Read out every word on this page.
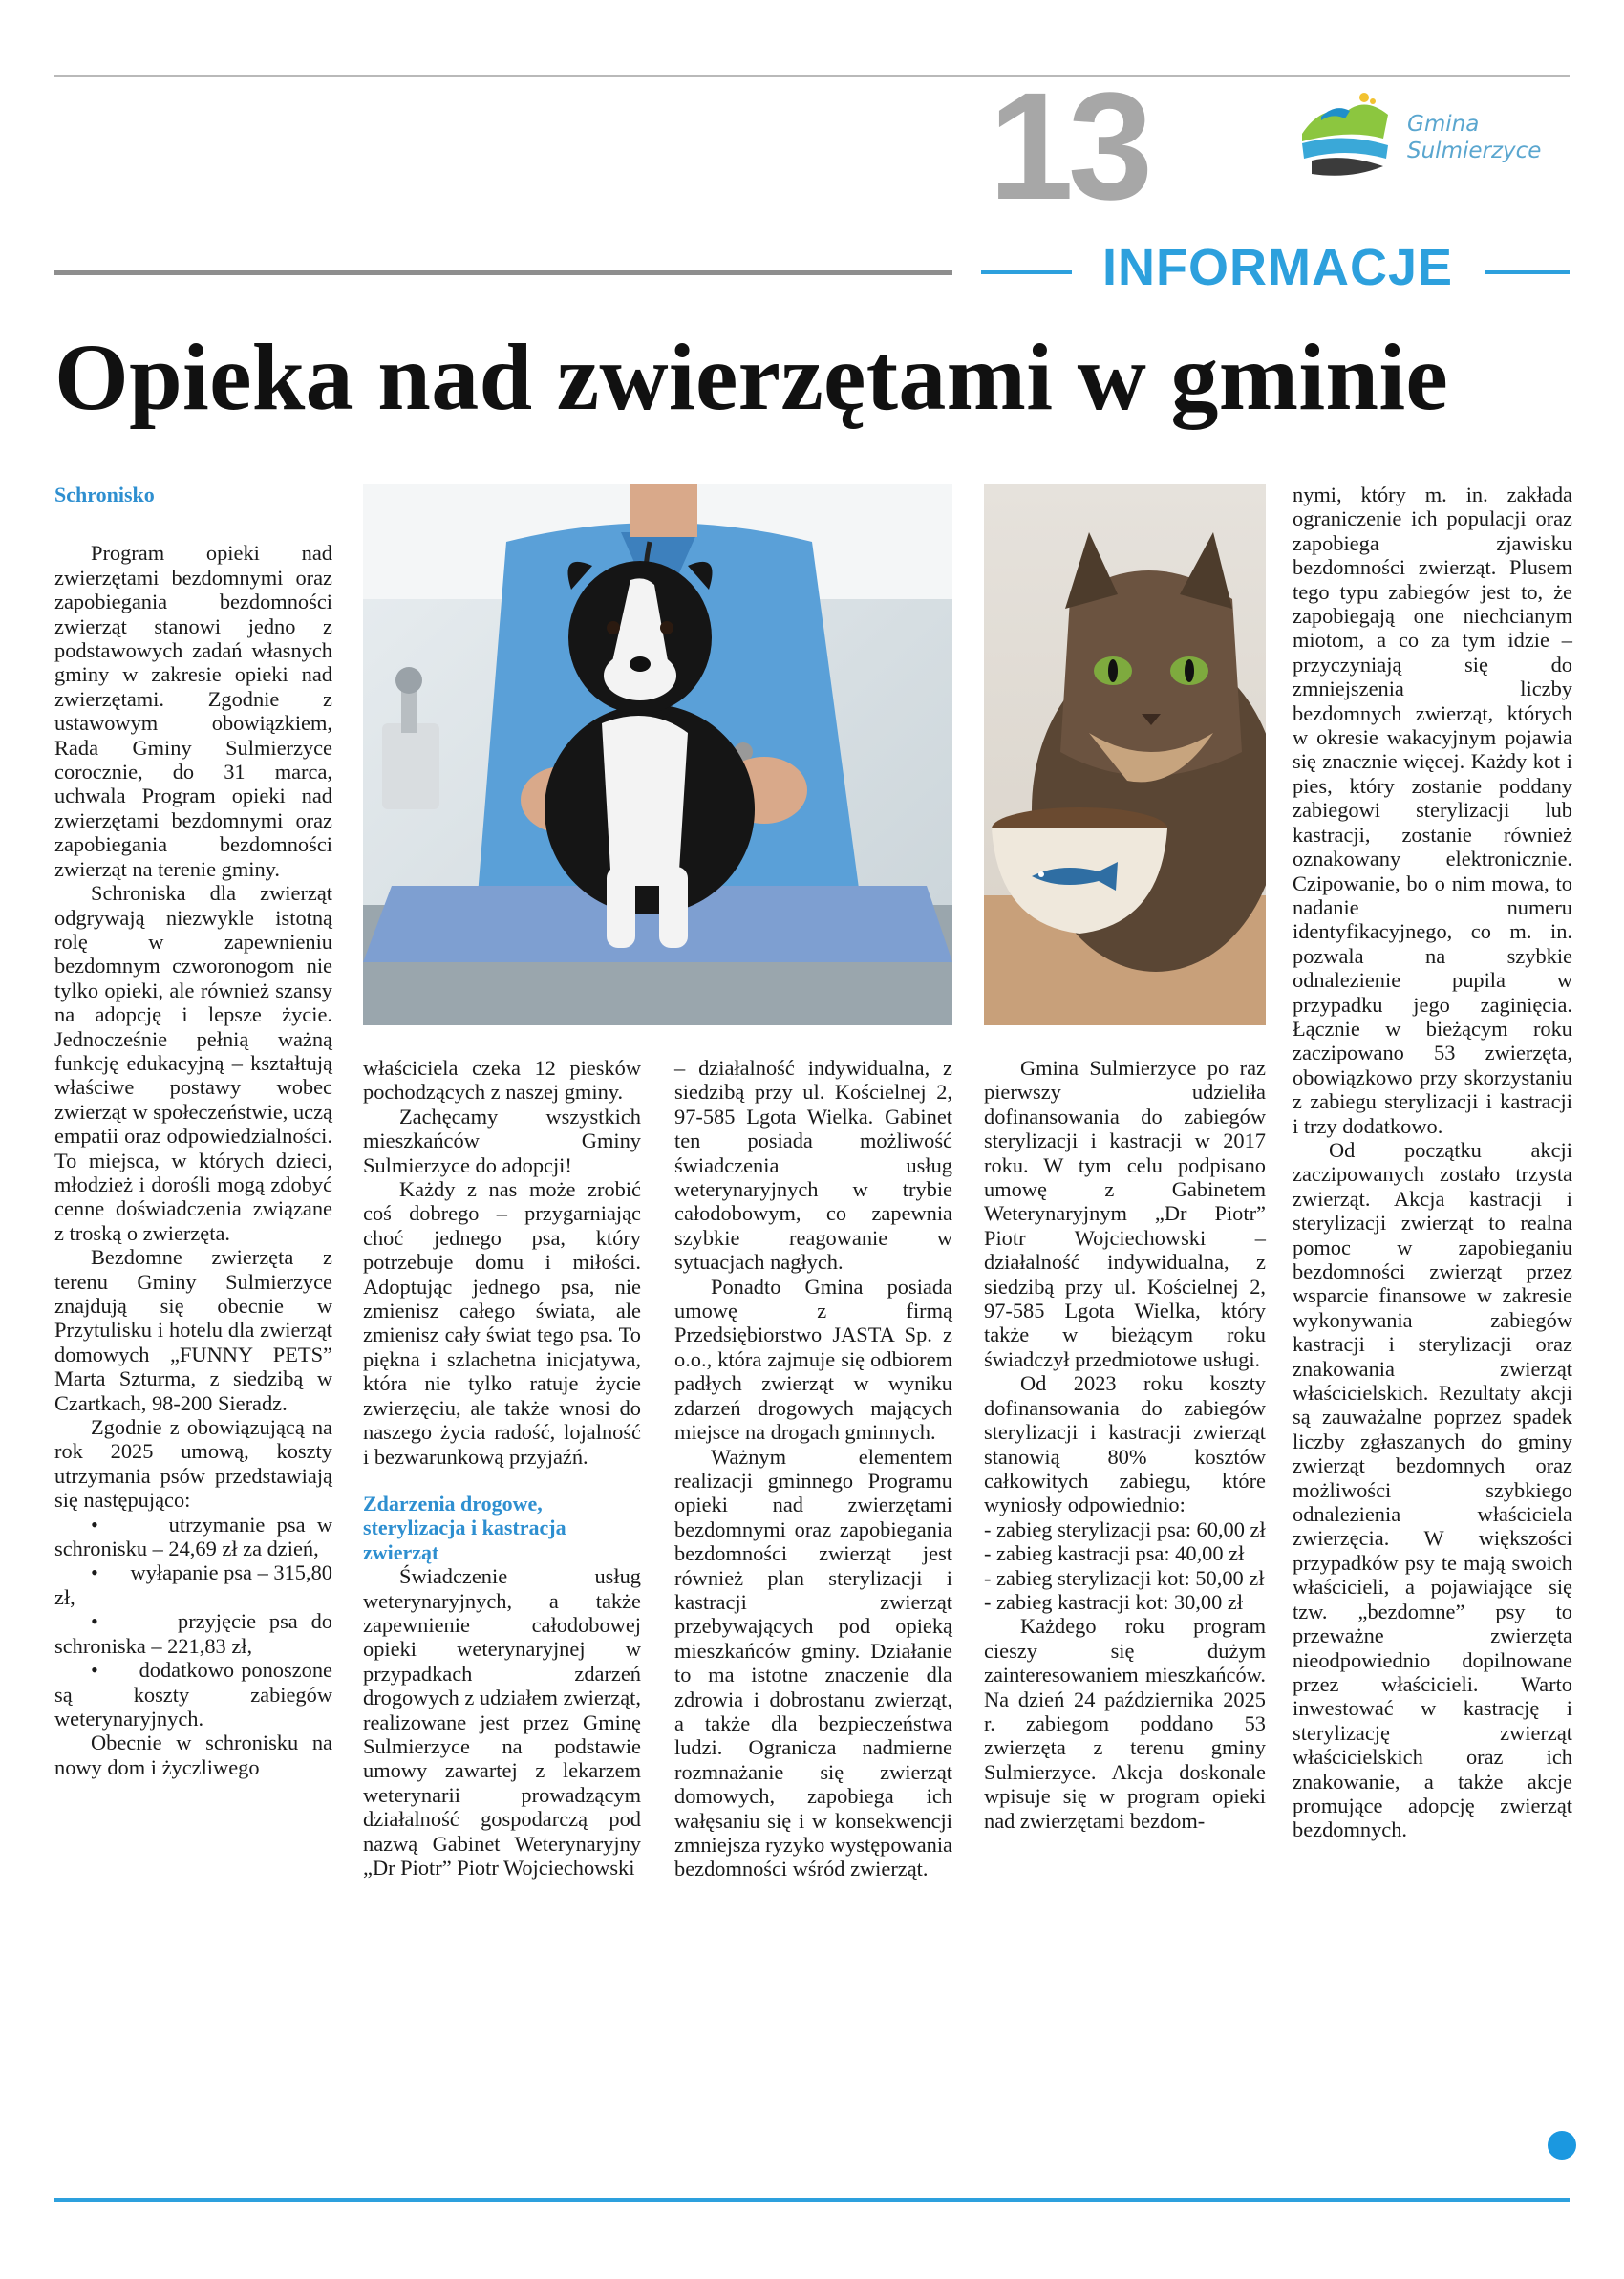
13	Gmina
Sulmierzyce
INFORMACJE
Opieka nad zwierzętami w gminie

Schronisko

Program opieki nad zwierzętami bezdomnymi oraz zapobiegania bezdomności zwierząt stanowi jedno z podstawowych zadań własnych gminy w zakresie opieki nad zwierzętami. Zgodnie z ustawowym obowiązkiem, Rada Gminy Sulmierzyce corocznie, do 31 marca, uchwala Program opieki nad zwierzętami bezdomnymi oraz zapobiegania bezdomności zwierząt na terenie gminy.

Schroniska dla zwierząt odgrywają niezwykle istotną rolę w zapewnieniu bezdomnym czworonogom nie tylko opieki, ale również szansy na adopcję i lepsze życie. Jednocześnie pełnią ważną funkcję edukacyjną – kształtują właściwe postawy wobec zwierząt w społeczeństwie, uczą empatii oraz odpowiedzialności. To miejsca, w których dzieci, młodzież i dorośli mogą zdobyć cenne doświadczenia związane z troską o zwierzęta.

Bezdomne zwierzęta z terenu Gminy Sulmierzyce znajdują się obecnie w Przytulisku i hotelu dla zwierząt domowych „FUNNY PETS” Marta Szturma, z siedzibą w Czartkach, 98-200 Sieradz.

Zgodnie z obowiązującą na rok 2025 umową, koszty utrzymania psów przedstawiają się następująco:

•      utrzymanie psa w schronisku – 24,69 zł za dzień,

•      wyłapanie psa – 315,80 zł,

•      przyjęcie psa do schroniska – 221,83 zł,

•      dodatkowo ponoszone są koszty zabiegów weterynaryjnych.

Obecnie w schronisku na nowy dom i życzliwego

właściciela czeka 12 piesków pochodzących z naszej gminy.

Zachęcamy wszystkich mieszkańców Gminy Sulmierzyce do adopcji!

Każdy z nas może zrobić coś dobrego – przygarniając choć jednego psa, który potrzebuje domu i miłości. Adoptując jednego psa, nie zmienisz całego świata, ale zmienisz cały świat tego psa. To piękna i szlachetna inicjatywa, która nie tylko ratuje życie zwierzęciu, ale także wnosi do naszego życia radość, lojalność i bezwarunkową przyjaźń.

Zdarzenia drogowe, sterylizacja i kastracja zwierząt

Świadczenie usług weterynaryjnych, a także zapewnienie całodobowej opieki weterynaryjnej w przypadkach zdarzeń drogowych z udziałem zwierząt, realizowane jest przez Gminę Sulmierzyce na podstawie umowy zawartej z lekarzem weterynarii prowadzącym działalność gospodarczą pod nazwą Gabinet Weterynaryjny „Dr Piotr” Piotr Wojciechowski

– działalność indywidualna, z siedzibą przy ul. Kościelnej 2, 97-585 Lgota Wielka. Gabinet ten posiada możliwość świadczenia usług weterynaryjnych w trybie całodobowym, co zapewnia szybkie reagowanie w sytuacjach nagłych.

Ponadto Gmina posiada umowę z firmą Przedsiębiorstwo JASTA Sp. z o.o., która zajmuje się odbiorem padłych zwierząt w wyniku zdarzeń drogowych mających miejsce na drogach gminnych.

Ważnym elementem realizacji gminnego Programu opieki nad zwierzętami bezdomnymi oraz zapobiegania bezdomności zwierząt jest również plan sterylizacji i kastracji zwierząt przebywających pod opieką mieszkańców gminy. Działanie to ma istotne znaczenie dla zdrowia i dobrostanu zwierząt, a także dla bezpieczeństwa ludzi. Ogranicza nadmierne rozmnażanie się zwierząt domowych, zapobiega ich wałęsaniu się i w konsekwencji zmniejsza ryzyko występowania bezdomności wśród zwierząt.

Gmina Sulmierzyce po raz pierwszy udzieliła dofinansowania do zabiegów sterylizacji i kastracji w 2017 roku. W tym celu podpisano umowę z Gabinetem Weterynaryjnym „Dr Piotr” Piotr Wojciechowski – działalność indywidualna, z siedzibą przy ul. Kościelnej 2, 97-585 Lgota Wielka, który także w bieżącym roku świadczył przedmiotowe usługi.

Od 2023 roku koszty dofinansowania do zabiegów sterylizacji i kastracji zwierząt stanowią 80% kosztów całkowitych zabiegu, które wyniosły odpowiednio:

- zabieg sterylizacji psa: 60,00 zł

- zabieg kastracji psa: 40,00 zł

- zabieg sterylizacji kot: 50,00 zł

- zabieg kastracji kot: 30,00 zł

Każdego roku program cieszy się dużym zainteresowaniem mieszkańców. Na dzień 24 października 2025 r. zabiegom poddano 53 zwierzęta z terenu gminy Sulmierzyce. Akcja doskonale wpisuje się w program opieki nad zwierzętami bezdom-

nymi, który m. in. zakłada ograniczenie ich populacji oraz zapobiega zjawisku bezdomności zwierząt. Plusem tego typu zabiegów jest to, że zapobiegają one niechcianym miotom, a co za tym idzie – przyczyniają się do zmniejszenia liczby bezdomnych zwierząt, których w okresie wakacyjnym pojawia się znacznie więcej. Każdy kot i pies, który zostanie poddany zabiegowi sterylizacji lub kastracji, zostanie również oznakowany elektronicznie. Czipowanie, bo o nim mowa, to nadanie numeru identyfikacyjnego, co m. in. pozwala na szybkie odnalezienie pupila w przypadku jego zaginięcia. Łącznie w bieżącym roku zaczipowano 53 zwierzęta, obowiązkowo przy skorzystaniu z zabiegu sterylizacji i kastracji i trzy dodatkowo.

Od początku akcji zaczipowanych zostało trzysta zwierząt. Akcja kastracji i sterylizacji zwierząt to realna pomoc w zapobieganiu bezdomności zwierząt przez wsparcie finansowe w zakresie wykonywania zabiegów kastracji i sterylizacji oraz znakowania zwierząt właścicielskich. Rezultaty akcji są zauważalne poprzez spadek liczby zgłaszanych do gminy zwierząt bezdomnych oraz możliwości szybkiego odnalezienia właściciela zwierzęcia. W większości przypadków psy te mają swoich właścicieli, a pojawiające się tzw. „bezdomne” psy to przeważne zwierzęta nieodpowiednio dopilnowane przez właścicieli. Warto inwestować w kastrację i sterylizację zwierząt właścicielskich oraz ich znakowanie, a także akcje promujące adopcję zwierząt bezdomnych.
